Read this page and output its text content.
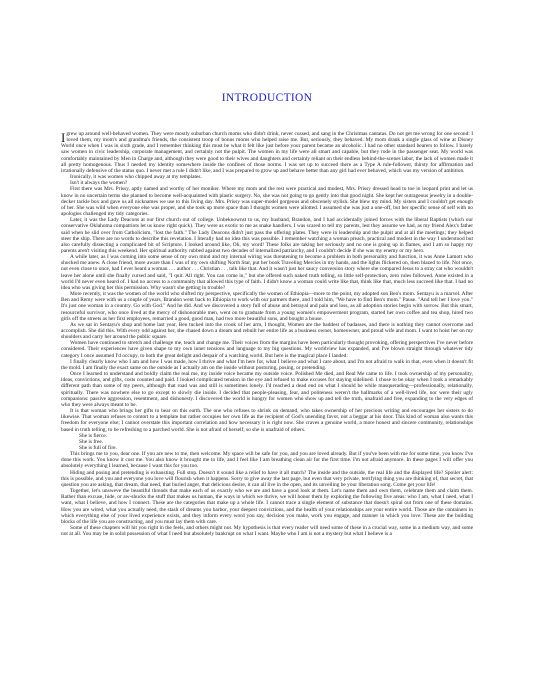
INTRODUCTION

I grew up around well-behaved women. They were mostly suburban church moms who didn't drink, never cussed, and sang in the Christmas cantatas. Do not get me wrong for one second: I loved them, my mom's and grandma's friends, the consistent troop of bonus moms who helped raise me. But, seriously, they behaved. My mom drank a single glass of wine at Disney World once when I was in sixth grade, and I remember thinking this must be what it felt like just before your parent became an alcoholic. I had no other standard bearers to follow. I barely saw women in civic leadership, corporate management, and certainly not the pulpit. The women in my life were all smart and capable, but they rode in the passenger seat. My world was comfortably maintained by Men in Charge and, although they were good to their wives and daughters and certainly reliant on their endless behind-the-scenes labor, the lack of women made it all pretty homogenous. Thus I needed my identity somewhere inside the confines of those norms. I was set up to succeed there as a Type A rule-follower, thirsty for affirmation and irrationally defensive of the status quo. I never met a rule I didn't like, and I was prepared to grow up and behave better than any girl had ever behaved, which was my version of ambition.

Ironically, it was women who chipped away at my templates.

Isn't it always the women?

First there was Mrs. Prissy, aptly named and worthy of her moniker. Where my mom and the rest were practical and modest, Mrs. Prissy dressed head to toe in leopard print and let us know in no uncertain terms she planned to become well-acquainted with plastic surgery. No, she was not going to go gently into that good night. She kept her outrageous jewelry in a double-decker tackle box and gave us all nicknames we use to this living day. Mrs. Prissy was super-model gorgeous and obscenely stylish. She blew my mind. My sisters and I couldn't get enough of her. She was wild when everyone else was proper, and she took up more space than I thought women were allotted. I assumed she was just a one-off, but her specific sense of self with no apologies challenged my tidy categories.

Later, it was the Lady Deacons at our first church out of college. Unbeknownst to us, my husband, Brandon, and I had accidentally joined forces with the liberal Baptists (which our conservative Oklahoma compatriots let us know right quick). They were as exotic to me as snake handlers. I was scared to tell my parents, lest they assume we had, as my friend Alex's father said when he slid over from Catholicism, "lost the faith." The Lady Deacons didn't just pass the offering plates. They were in leadership and the pulpit and at all the meetings; they helped steer the ship. There are no words to describe this revelation. I literally had no idea this was possible. I remember watching a woman preach, practical and modest in the way I understood but also carefully dissecting a complicated bit of Scripture. I looked around like, Oh, my word! These folks are taking her seriously and no one is going up in flames, and I am so happy my parents aren't visiting this weekend. Her spiritual authority rubbed against two decades of internalized patriarchy, and I couldn't decide if she was my enemy or my hero.

A while later, as I was coming into some sense of my own mind and my internal wiring was threatening to become a problem in both personality and function, it was Anne Lamott who shocked me anew. A close friend, more aware than I was of my own shifting North Star, put her book Traveling Mercies in my hands, and the lights flickered on, then blazed to life. Not once, not even close to once, had I ever heard a woman . . . author . . . Christian . . . talk like that. And it wasn't just her saucy conversion story where she compared Jesus to a stray cat who wouldn't leave her alone until she finally cursed and said, "I quit. All right. You can come in," but she offered such naked truth telling, so little self-protection, zero rules followed. Anne existed in a world I'd never even heard of. I had no access to a community that allowed this type of faith. I didn't know a woman could write like that, think like that, much less succeed like that. I had no idea who was giving her this permission. Why wasn't she getting in trouble?

More recently, it was the women of the world who shifted my perspective, specifically the women of Ethiopia—more to the point, my adopted son Ben's mom. Sentayu is a marvel. After Ben and Remy were with us a couple of years, Brandon went back to Ethiopia to work with our partners there, and I told him, "We have to find Ben's mom." Pause. "And tell her I love you." It's just one woman in a country. Go with God." And he did. And we discovered a story full of abuse and betrayal and pain and loss, as all adoption stories begin with sorrow. But this smart, resourceful survivor, who once lived at the mercy of dishonorable men, went on to graduate from a young women's empowerment program, started her own coffee and tea shop, hired two girls off the streets as her first employees, remarried a good, good man, had two more beautiful sons, and bought a house.

As we sat in Sentayu's shop and home last year, Ben tucked into the crook of her arm, I thought, Women are the baddest of badasses, and there is nothing they cannot overcome and accomplish. She did this. With every odd against her, she chased down a dream and rebuilt her entire life as a business owner, homeowner, and proud wife and mom. I want to hoist her on my shoulders and carry her around the public square.

Women have continued to stretch and challenge me, teach and change me. Their voices from the margins have been particularly thought provoking, offering perspectives I've never before considered. Their experiences have given shape to my own inner tensions and language to my big questions. My worldview has expanded, and I've blown straight through whatever tidy category I once assumed I'd occupy, to both the great delight and despair of a watching world. But here is the magical place I landed:

I finally clearly know who I am and how I was made, how I thrive and what I'm here for, what I believe and what I care about, and I'm not afraid to walk in that, even when it doesn't fit the mold. I am finally the exact same on the outside as I actually am on the inside without posturing, posing, or pretending.

Once I learned to understand and boldly claim the real me, my inside voice became my outside voice. Polished Me died, and Real Me came to life. I took ownership of my personality, ideas, convictions, and gifts, costs counted and paid. I looked complicated tension in the eye and refused to make excuses for staying sidelined. I chose to be okay when I took a remarkably different path than some of my peers, although that road was and still is sometimes lonely. I'd reached a dead end on what I should be while masquerading—professionally, relationally, spiritually. There was nowhere else to go except to slowly die inside. I decided that people-pleasing, fear, and politeness weren't the hallmarks of a well-lived life, nor were their ugly companions: passive aggression, resentment, and dishonesty. I discovered the world is hungry for women who show up and tell the truth, unafraid and free, expanding to the very edges of who they were always meant to be.

It is that woman who brings her gifts to bear on this earth. The one who refuses to shrink on demand, who takes ownership of her precious writing and encourages her sisters to do likewise. That woman refuses to contort to a template but rather occupies her own life as the recipient of God's unending favor, not a beggar at his door. This kind of woman also wants this freedom for everyone else; I cannot overstate this important correlation and how necessary it is right now. She craves a genuine world, a more honest and sincere community, relationships based in truth telling, to be refreshing to a parched world. She is not afraid of herself, so she is unafraid of others.

She is fierce.

She is free.

She is full of fire.

This brings me to you, dear one. If you are new to me, then welcome. My space will be safe for you, and you are loved already. But if you've been with me for some time, you know I've done this work. You know it cost me. You also know it brought me to life, and I feel like I am breathing clean air for the first time. I'm not afraid anymore. In these pages I will offer you absolutely everything I learned, because I want this for you too.

Hiding and posing and pretending is exhausting. Full stop. Doesn't it sound like a relief to have it all match? The inside and the outside, the real life and the displayed life? Spoiler alert: this is possible, and you and everyone you love will flourish when it happens. Sorry to give away the last page, but even that very private, terrifying thing you are thinking of, that secret, that question you are asking, that dream, that need, that buried anger, that delicious desire, it can all live in the open, and its unveiling be your liberation song. Come get your life!

Together, let's unsweve the beautiful threads that make each of us exactly who we are and have a good look at them. Let's name them and own them, celebrate them and claim them. Rather than excuse, hide, or aw-shucks the stuff that makes us human, the ways in which we thrive, we will honor them by exploring the following five areas: who I am, what I need, what I want, what I believe, and how I connect. These are the categories that make up a whole life. I cannot trace a single element of substance that doesn't spiral out from one of these domains. How you are wired, what you actually need, the stash of dreams you harbor, your deepest convictions, and the health of your relationships are your entire world. Those are the containers in which everything else of your lived experience exists, and they inform every word you say, decision you make, work you engage, and manner in which you love. These are the building blocks of the life you are constructing, and you must lay them with care.

Some of these chapters will hit you right in the feels, and others might not. My hypothesis is that every reader will need some of these in a crucial way, some in a medium way, and some not at all. You may be in solid possession of what I need but absolutely bankrupt on what I want. Maybe who I am is not a mystery but what I believe is a
